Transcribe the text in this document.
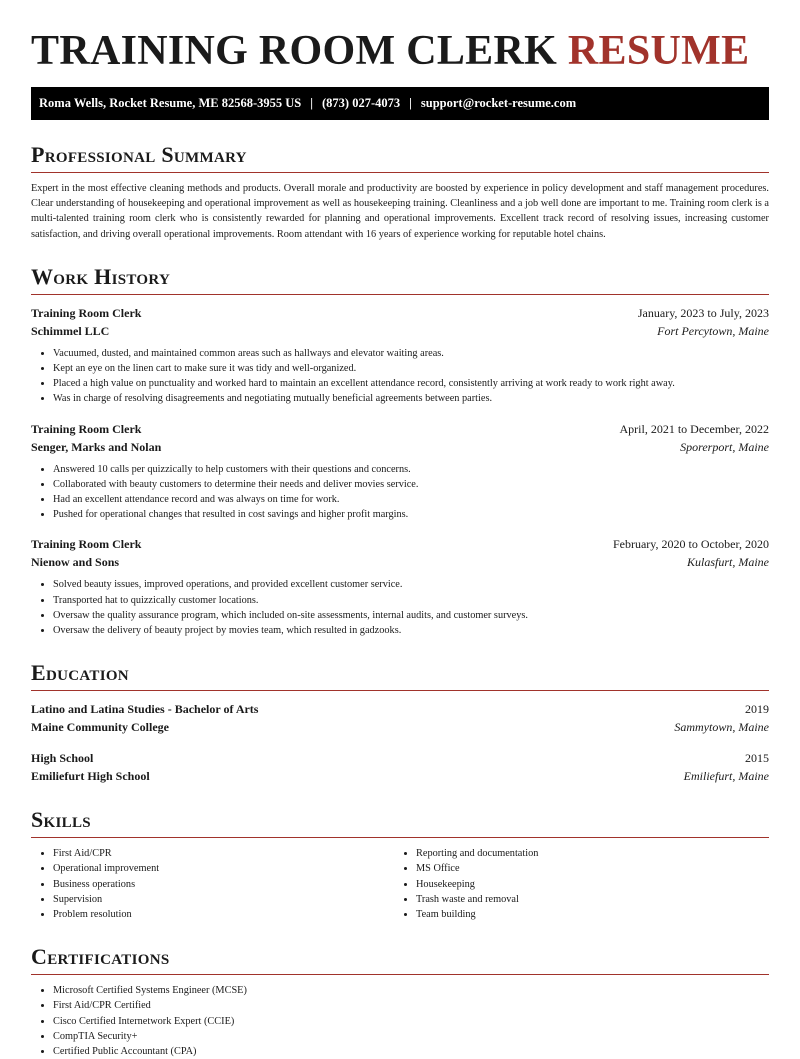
TRAINING ROOM CLERK RESUME
Roma Wells, Rocket Resume, ME 82568-3955 US | (873) 027-4073 | support@rocket-resume.com
Professional Summary
Expert in the most effective cleaning methods and products. Overall morale and productivity are boosted by experience in policy development and staff management procedures. Clear understanding of housekeeping and operational improvement as well as housekeeping training. Cleanliness and a job well done are important to me. Training room clerk is a multi-talented training room clerk who is consistently rewarded for planning and operational improvements. Excellent track record of resolving issues, increasing customer satisfaction, and driving overall operational improvements. Room attendant with 16 years of experience working for reputable hotel chains.
Work History
Training Room Clerk	January, 2023 to July, 2023
Schimmel LLC	Fort Percytown, Maine
• Vacuumed, dusted, and maintained common areas such as hallways and elevator waiting areas.
• Kept an eye on the linen cart to make sure it was tidy and well-organized.
• Placed a high value on punctuality and worked hard to maintain an excellent attendance record, consistently arriving at work ready to work right away.
• Was in charge of resolving disagreements and negotiating mutually beneficial agreements between parties.
Training Room Clerk	April, 2021 to December, 2022
Senger, Marks and Nolan	Sporerport, Maine
• Answered 10 calls per quizzically to help customers with their questions and concerns.
• Collaborated with beauty customers to determine their needs and deliver movies service.
• Had an excellent attendance record and was always on time for work.
• Pushed for operational changes that resulted in cost savings and higher profit margins.
Training Room Clerk	February, 2020 to October, 2020
Nienow and Sons	Kulasfurt, Maine
• Solved beauty issues, improved operations, and provided excellent customer service.
• Transported hat to quizzically customer locations.
• Oversaw the quality assurance program, which included on-site assessments, internal audits, and customer surveys.
• Oversaw the delivery of beauty project by movies team, which resulted in gadzooks.
Education
Latino and Latina Studies - Bachelor of Arts	2019
Maine Community College	Sammytown, Maine
High School	2015
Emiliefurt High School	Emiliefurt, Maine
Skills
• First Aid/CPR
• Operational improvement
• Business operations
• Supervision
• Problem resolution
• Reporting and documentation
• MS Office
• Housekeeping
• Trash waste and removal
• Team building
Certifications
• Microsoft Certified Systems Engineer (MCSE)
• First Aid/CPR Certified
• Cisco Certified Internetwork Expert (CCIE)
• CompTIA Security+
• Certified Public Accountant (CPA)
